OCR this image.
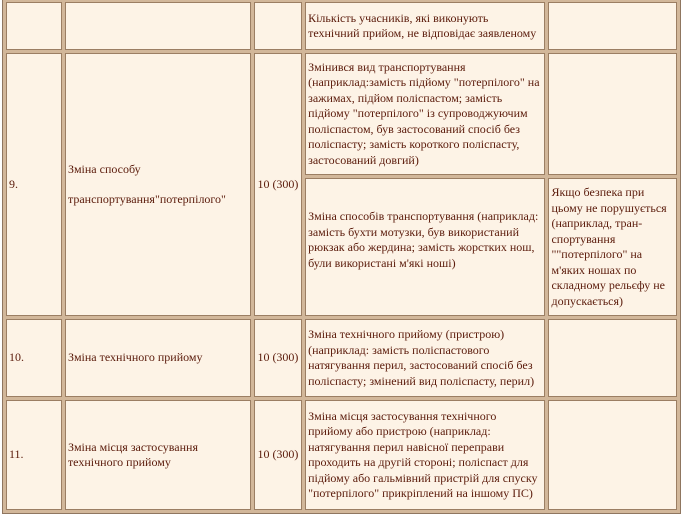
			Кількість учасників, які виконують технічний прийом, не відповідає заявленому	
9.	Зміна способу
транспортування"потерпілого"	10 (300)	Змінився вид транспортування (наприклад:замість підйому "потерпілого" на зажимах, підйом поліспастом; замість підйому "потерпілого" із супроводжуючим поліспастом, був застосований спосіб без поліспасту; замість короткого поліспасту, застосований довгий)	
			Зміна способів транспортування (наприклад: замість бухти мотузки, був використаний рюкзак або жердина; замість жорстких нош, були використані м'які ноші)	Якщо безпека при цьому не порушується (наприклад, тран-спортування ""потерпілого" на м'яких ношах по складному рельєфу не допускається)
10.	Зміна технічного прийому	10 (300)	Зміна технічного прийому (пристрою) (наприклад: замість поліспастового натягування перил, застосований спосіб без поліспасту; змінений вид поліспасту, перил)	
11.	Зміна місця застосування технічного прийому	10 (300)	Зміна місця застосування технічного прийому або пристрою (наприклад: натягування перил навісної переправи проходить на другій стороні; поліспаст для підйому або гальмівний пристрій для спуску "потерпілого" прикріплений на іншому ПС)	
